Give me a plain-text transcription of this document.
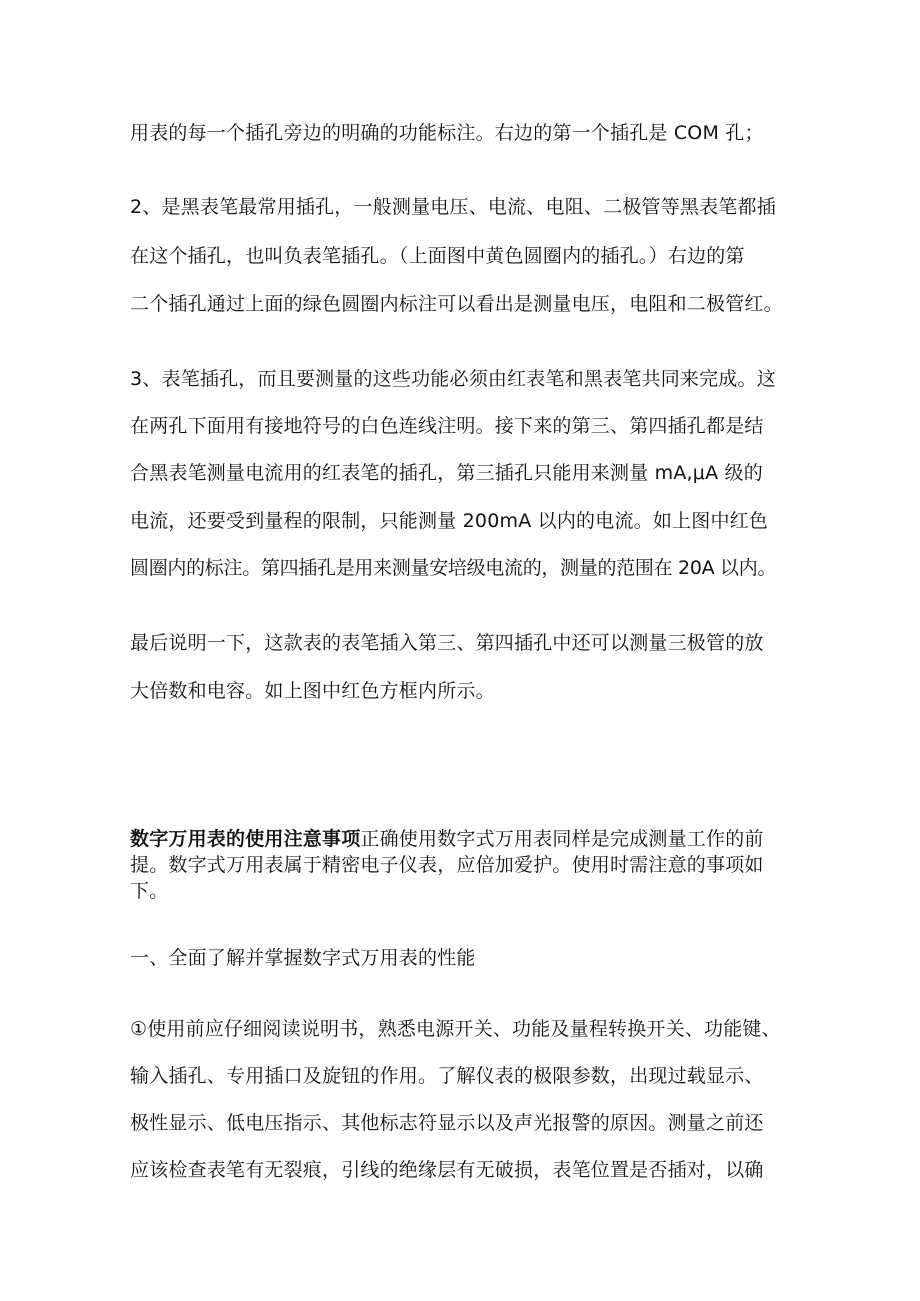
用表的每一个插孔旁边的明确的功能标注。右边的第一个插孔是 COM 孔；
2、是黑表笔最常用插孔，一般测量电压、电流、电阻、二极管等黑表笔都插
在这个插孔，也叫负表笔插孔。（上面图中黄色圆圈内的插孔。）右边的第
二个插孔通过上面的绿色圆圈内标注可以看出是测量电压，电阻和二极管红。
3、表笔插孔，而且要测量的这些功能必须由红表笔和黑表笔共同来完成。这
在两孔下面用有接地符号的白色连线注明。接下来的第三、第四插孔都是结
合黑表笔测量电流用的红表笔的插孔，第三插孔只能用来测量 mA,μA 级的
电流，还要受到量程的限制，只能测量 200mA 以内的电流。如上图中红色
圆圈内的标注。第四插孔是用来测量安培级电流的，测量的范围在 20A 以内。
最后说明一下，这款表的表笔插入第三、第四插孔中还可以测量三极管的放
大倍数和电容。如上图中红色方框内所示。
数字万用表的使用注意事项正确使用数字式万用表同样是完成测量工作的前
提。数字式万用表属于精密电子仪表，应倍加爱护。使用时需注意的事项如
下。
一、全面了解并掌握数字式万用表的性能
①使用前应仔细阅读说明书，熟悉电源开关、功能及量程转换开关、功能键、
输入插孔、专用插口及旋钮的作用。了解仪表的极限参数，出现过载显示、
极性显示、低电压指示、其他标志符显示以及声光报警的原因。测量之前还
应该检查表笔有无裂痕，引线的绝缘层有无破损，表笔位置是否插对，以确
